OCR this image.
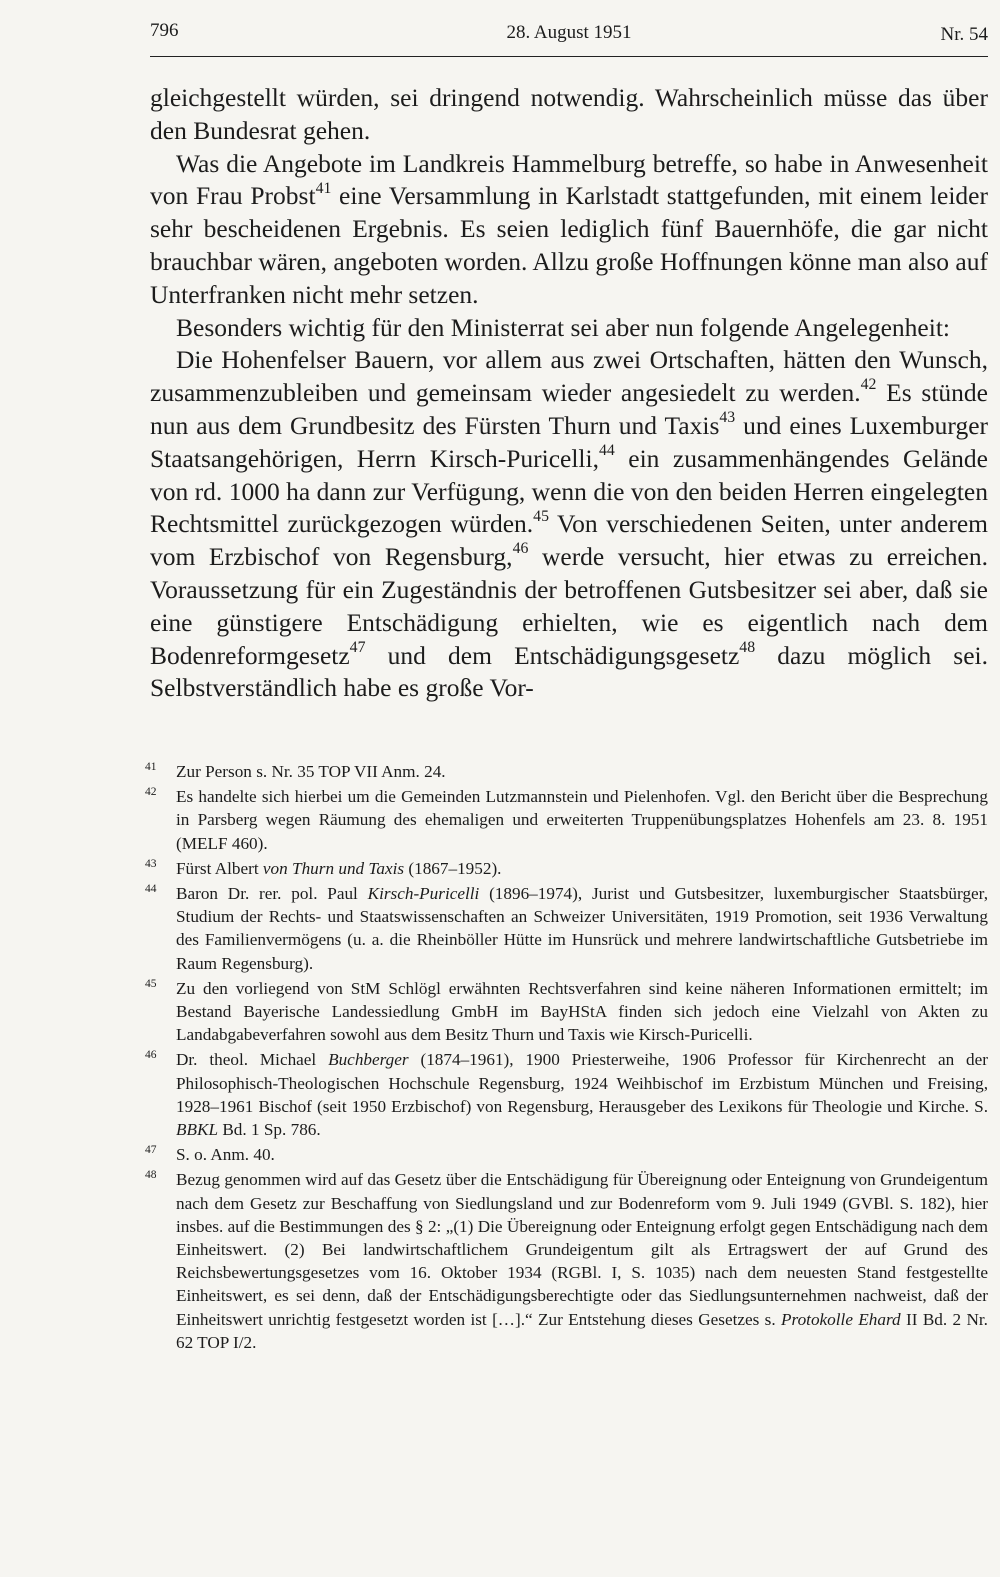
796	28. August 1951	Nr. 54

gleichgestellt würden, sei dringend notwendig. Wahrscheinlich müsse das über den Bundesrat gehen.

Was die Angebote im Landkreis Hammelburg betreffe, so habe in Anwesenheit von Frau Probst$^{41}$ eine Versammlung in Karlstadt stattgefunden, mit einem leider sehr bescheidenen Ergebnis. Es seien lediglich fünf Bauernhöfe, die gar nicht brauchbar wären, angeboten worden. Allzu große Hoffnungen könne man also auf Unterfranken nicht mehr setzen.

Besonders wichtig für den Ministerrat sei aber nun folgende Angelegenheit:

Die Hohenfelser Bauern, vor allem aus zwei Ortschaften, hätten den Wunsch, zusammenzubleiben und gemeinsam wieder angesiedelt zu werden.$^{42}$ Es stünde nun aus dem Grundbesitz des Fürsten Thurn und Taxis$^{43}$ und eines Luxemburger Staatsangehörigen, Herrn Kirsch-Puricelli,$^{44}$ ein zusammenhängendes Gelände von rd. 1000 ha dann zur Verfügung, wenn die von den beiden Herren eingelegten Rechtsmittel zurückgezogen würden.$^{45}$ Von verschiedenen Seiten, unter anderem vom Erzbischof von Regensburg,$^{46}$ werde versucht, hier etwas zu erreichen. Voraussetzung für ein Zugeständnis der betroffenen Gutsbesitzer sei aber, daß sie eine günstigere Entschädigung erhielten, wie es eigentlich nach dem Bodenreformgesetz$^{47}$ und dem Entschädigungsgesetz$^{48}$ dazu möglich sei. Selbstverständlich habe es große Vor-

41 Zur Person s. Nr. 35 TOP VII Anm. 24.
42 Es handelte sich hierbei um die Gemeinden Lutzmannstein und Pielenhofen. Vgl. den Bericht über die Besprechung in Parsberg wegen Räumung des ehemaligen und erweiterten Truppenübungsplatzes Hohenfels am 23. 8. 1951 (MELF 460).
43 Fürst Albert von Thurn und Taxis (1867–1952).
44 Baron Dr. rer. pol. Paul Kirsch-Puricelli (1896–1974), Jurist und Gutsbesitzer, luxemburgischer Staatsbürger, Studium der Rechts- und Staatswissenschaften an Schweizer Universitäten, 1919 Promotion, seit 1936 Verwaltung des Familienvermögens (u. a. die Rheinböller Hütte im Hunsrück und mehrere landwirtschaftliche Gutsbetriebe im Raum Regensburg).
45 Zu den vorliegend von StM Schlögl erwähnten Rechtsverfahren sind keine näheren Informationen ermittelt; im Bestand Bayerische Landessiedlung GmbH im BayHStA finden sich jedoch eine Vielzahl von Akten zu Landabgabeverfahren sowohl aus dem Besitz Thurn und Taxis wie Kirsch-Puricelli.
46 Dr. theol. Michael Buchberger (1874–1961), 1900 Priesterweihe, 1906 Professor für Kirchenrecht an der Philosophisch-Theologischen Hochschule Regensburg, 1924 Weihbischof im Erzbistum München und Freising, 1928–1961 Bischof (seit 1950 Erzbischof) von Regensburg, Herausgeber des Lexikons für Theologie und Kirche. S. BBKL Bd. 1 Sp. 786.
47 S. o. Anm. 40.
48 Bezug genommen wird auf das Gesetz über die Entschädigung für Übereignung oder Enteignung von Grundeigentum nach dem Gesetz zur Beschaffung von Siedlungsland und zur Bodenreform vom 9. Juli 1949 (GVBl. S. 182), hier insbes. auf die Bestimmungen des § 2: „(1) Die Übereignung oder Enteignung erfolgt gegen Entschädigung nach dem Einheitswert. (2) Bei landwirtschaftlichem Grundeigentum gilt als Ertragswert der auf Grund des Reichsbewertungsgesetzes vom 16. Oktober 1934 (RGBl. I, S. 1035) nach dem neuesten Stand festgestellte Einheitswert, es sei denn, daß der Entschädigungsberechtigte oder das Siedlungsunternehmen nachweist, daß der Einheitswert unrichtig festgesetzt worden ist […].“ Zur Entstehung dieses Gesetzes s. Protokolle Ehard II Bd. 2 Nr. 62 TOP I/2.
